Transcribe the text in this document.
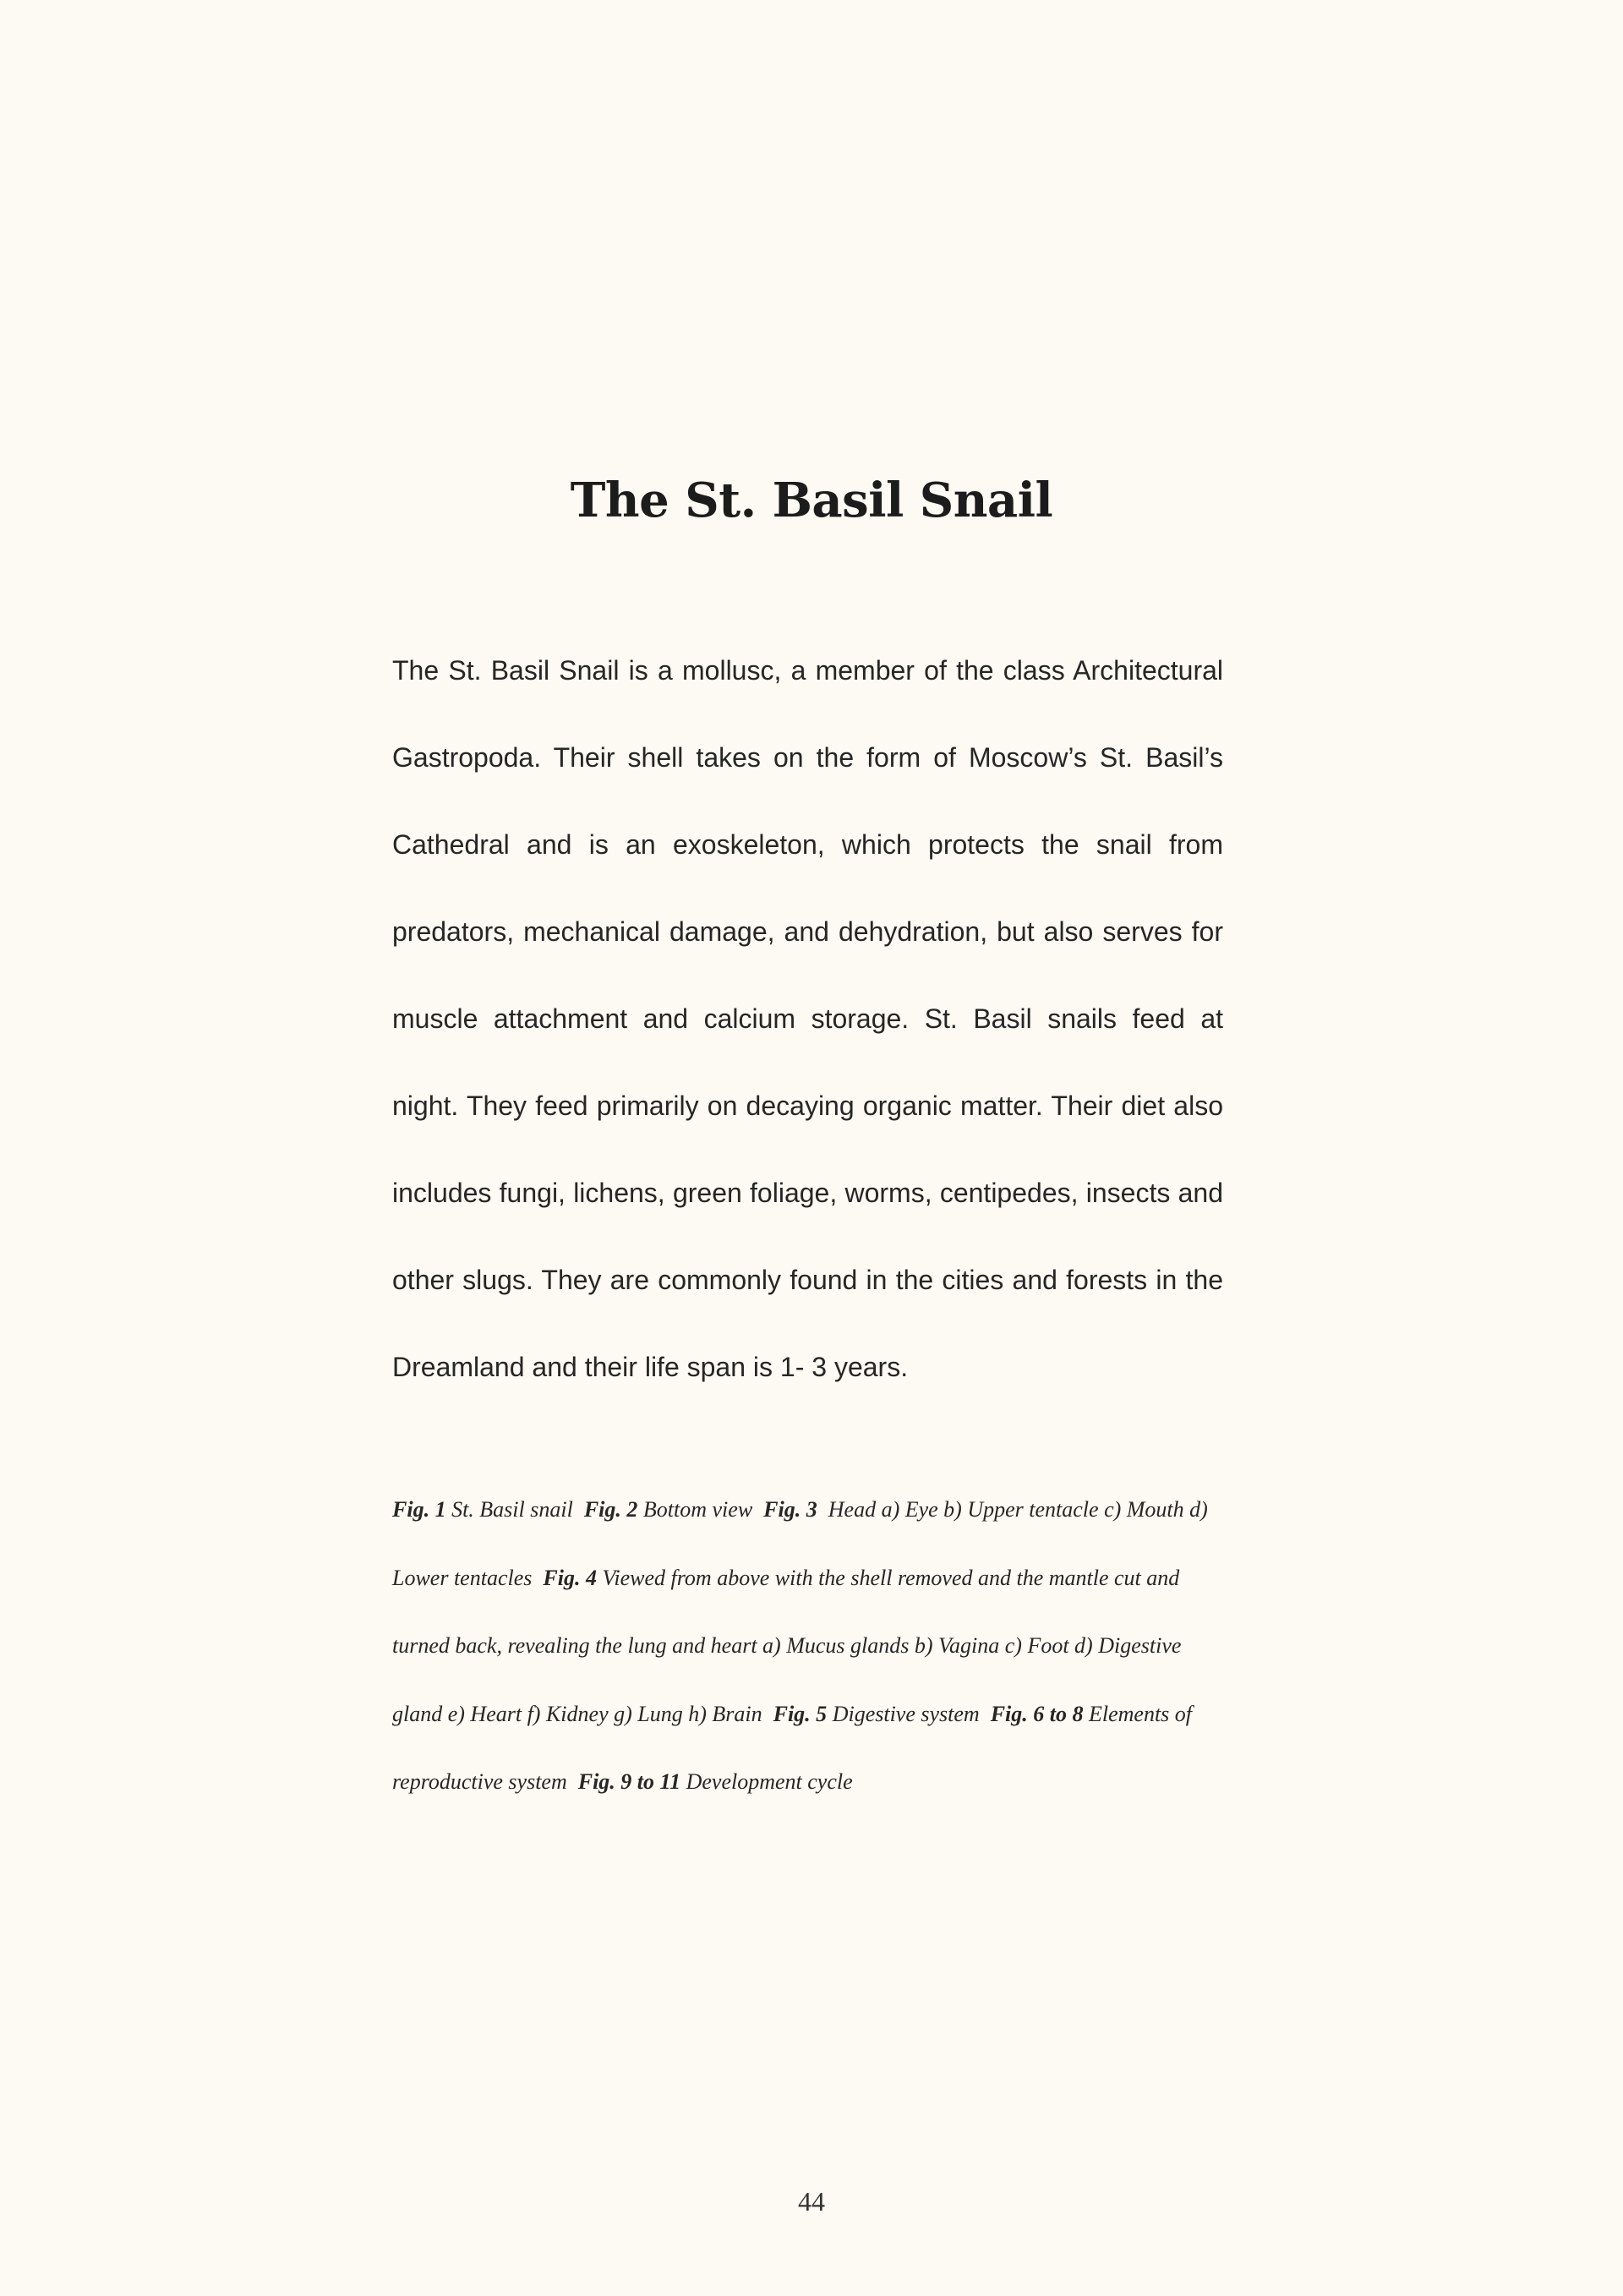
The St. Basil Snail

The St. Basil Snail is a mollusc, a member of the class Architectural Gastropoda. Their shell takes on the form of Moscow’s St. Basil’s Cathedral and is an exoskeleton, which protects the snail from predators, mechanical damage, and dehydration, but also serves for muscle attachment and calcium storage. St. Basil snails feed at night. They feed primarily on decaying organic matter. Their diet also includes fungi, lichens, green foliage, worms, centipedes, insects and other slugs. They are commonly found in the cities and forests in the Dreamland and their life span is 1- 3 years.

Fig. 1 St. Basil snail Fig. 2 Bottom view Fig. 3 Head a) Eye b) Upper tentacle c) Mouth d) Lower tentacles Fig. 4 Viewed from above with the shell removed and the mantle cut and turned back, revealing the lung and heart a) Mucus glands b) Vagina c) Foot d) Digestive gland e) Heart f) Kidney g) Lung h) Brain Fig. 5 Digestive system Fig. 6 to 8 Elements of reproductive system Fig. 9 to 11 Development cycle

44
